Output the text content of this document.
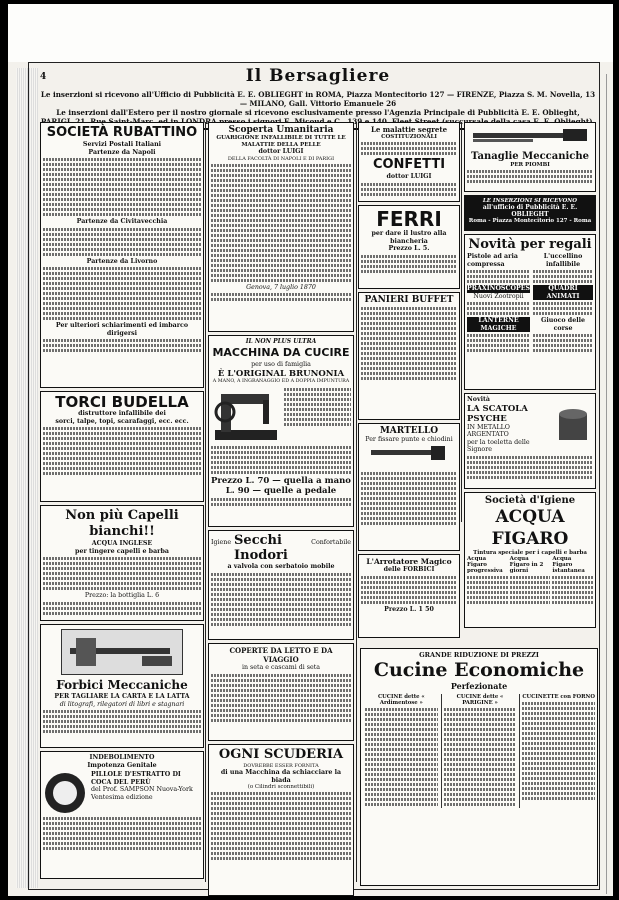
4	Il Bersagliere
Le inserzioni si ricevono all'Ufficio di Pubblicità E. E. OBLIEGHT in ROMA, Piazza Montecitorio 127 — FIRENZE, Piazza S. M. Novella, 13 — MILANO, Gall. Vittorio Emanuele 26
Le inserzioni dall'Estero per il nostro giornale si ricevono esclusivamente presso l'Agenzia Principale di Pubblicità E. E. Oblieght, 139
SOCIETÀ RUBATTINO
Servizi Postali Italiani
Partenze da Napoli
Partenze da Civitavecchia
Partenze da Livorno
Per ulteriori schiarimenti ed imbarco dirigersi
TORCI BUDELLA
distruttore infallibile dei
sorci, talpe, topi, scarafaggi, ecc. ecc.
Non più Capelli bianchi!!
ACQUA INGLESE
per tingere capelli e barba
Prezzo: la bottiglia L. 6
Forbici Meccaniche
PER TAGLIARE LA CARTA E LA LATTA
di litografi, rilegatori di libri e stagnari
INDEBOLIMENTO
Impotenza Genitale
PILLOLE D'ESTRATTO DI COCA DEL PERÙ
del Prof. SAMPSON Nuova-York
Ventesima edizione
Scoperta Umanitaria
GUARIGIONE INFALLIBILE DI TUTTE LE MALATTIE DELLA PELLE
dottor LUIGI
DELLA FACOLTÀ DI NAPOLI E DI PARIGI
Genova, 7 luglio 1870
IL NON PLUS ULTRA
MACCHINA DA CUCIRE
per uso di famiglia
È L'ORIGINAL BRUNONIA
A MANO, A INGRANAGGIO ED A DOPPIA IMPUNTURA
Prezzo L. 70 — quella a mano
L. 90 — quelle a pedale
Igiene Secchi Inodori
Confortabile
a valvola con serbatoio mobile
COPERTE DA LETTO E DA VIAGGIO
in seta e cascami di seta
OGNI SCUDERIA
DOVREBBE ESSER FORNITA
di una Macchina da schiacciare la biada
(o Cilindri sconnettibili)
Le malattie segrete
COSTITUZIONALI
CONFETTI
dottor LUIGI
FERRI
per dare il lustro alla biancheria
Prezzo L. 5.
PANIERI BUFFET
MARTELLO
Per fissare punte e chiodini
L'Arrotatore Magico
delle FORBICI
Prezzo L. 1 50
Tanaglie Meccaniche
PER PIOMBI
LE INSERZIONI SI RICEVONO
all'ufficio di Pubblicità E. E. OBLIEGHT
Roma - Piazza Montecitorio 127 - Roma
Novità per regali
Pistole ad aria compressa
PRAXINOSCOPES
Nuovi Zootropii
LANTERNE MAGICHE
L'uccellino infallibile
QUADRI ANIMATI
Giuoco delle corse
Novità
LA SCATOLA PSYCHE
IN METALLO ARGENTATO
per la toeletta delle Signore
Società d'Igiene
ACQUA FIGARO
Tintura speciale per i capelli e barba
Acqua Figaro progressiva
Acqua Figaro in 2 giorni
Acqua Figaro istantanea
GRANDE RIDUZIONE DI PREZZI
Cucine Economiche
Perfezionate
CUCINE dette « Ardimentose »
CUCINE dette « PARIGINE »
CUCINETTE con FORNO
